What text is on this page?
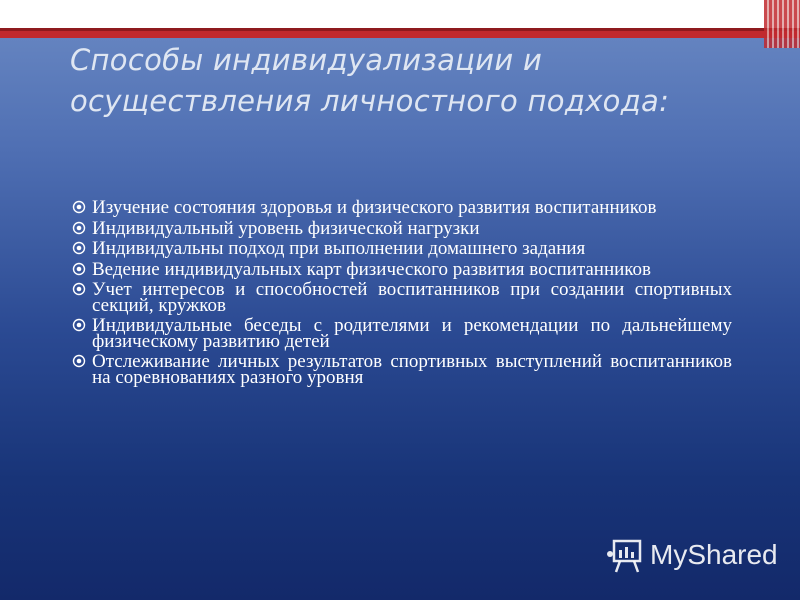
Способы индивидуализации и осуществления личностного подхода:
Изучение состояния здоровья и физического развития воспитанников
Индивидуальный уровень физической нагрузки
Индивидуальны подход при выполнении домашнего задания
Ведение индивидуальных карт физического развития воспитанников
Учет интересов и способностей воспитанников при создании спортивных секций, кружков
Индивидуальные беседы с родителями и рекомендации по дальнейшему физическому развитию детей
Отслеживание личных результатов спортивных выступлений воспитанников на соревнованиях разного уровня
MyShared
